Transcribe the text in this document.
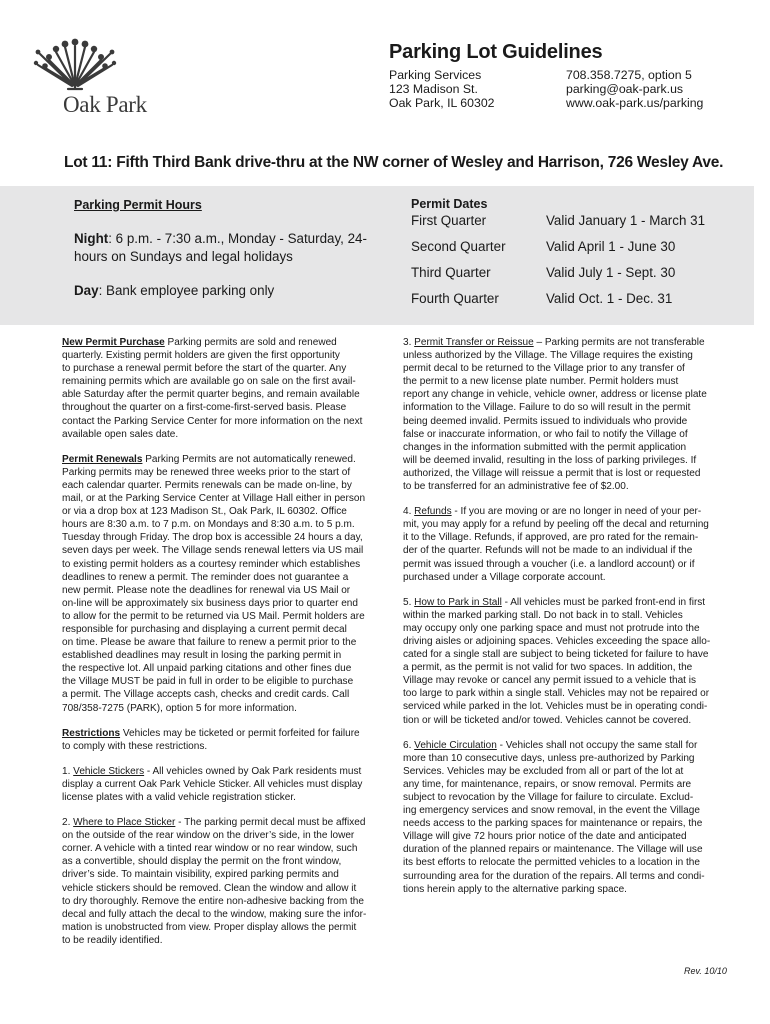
Oak Park
Parking Lot Guidelines
Parking Services
123 Madison St.
Oak Park, IL 60302
708.358.7275, option 5
parking@oak-park.us
www.oak-park.us/parking
Lot 11: Fifth Third Bank drive-thru at the NW corner of Wesley and Harrison, 726 Wesley Ave.
Parking Permit Hours
Night: 6 p.m. - 7:30 a.m., Monday - Saturday, 24-hours on Sundays and legal holidays
Day: Bank employee parking only
Permit Dates
First Quarter	Valid January 1 - March 31
Second Quarter	Valid April 1 - June 30
Third Quarter	Valid July 1 - Sept. 30
Fourth Quarter	Valid Oct. 1 - Dec. 31
New Permit Purchase Parking permits are sold and renewed
quarterly. Existing permit holders are given the first opportunity
to purchase a renewal permit before the start of the quarter. Any
remaining permits which are available go on sale on the first avail-
able Saturday after the permit quarter begins, and remain available
throughout the quarter on a first-come-first-served basis. Please
contact the Parking Service Center for more information on the next
available open sales date.
Permit Renewals Parking Permits are not automatically renewed.
Parking permits may be renewed three weeks prior to the start of
each calendar quarter. Permits renewals can be made on-line, by
mail, or at the Parking Service Center at Village Hall either in person
or via a drop box at 123 Madison St., Oak Park, IL 60302. Office
hours are 8:30 a.m. to 7 p.m. on Mondays and 8:30 a.m. to 5 p.m.
Tuesday through Friday. The drop box is accessible 24 hours a day,
seven days per week. The Village sends renewal letters via US mail
to existing permit holders as a courtesy reminder which establishes
deadlines to renew a permit. The reminder does not guarantee a
new permit. Please note the deadlines for renewal via US Mail or
on-line will be approximately six business days prior to quarter end
to allow for the permit to be returned via US Mail. Permit holders are
responsible for purchasing and displaying a current permit decal
on time. Please be aware that failure to renew a permit prior to the
established deadlines may result in losing the parking permit in
the respective lot. All unpaid parking citations and other fines due
the Village MUST be paid in full in order to be eligible to purchase
a permit. The Village accepts cash, checks and credit cards. Call
708/358-7275 (PARK), option 5 for more information.
Restrictions Vehicles may be ticketed or permit forfeited for failure
to comply with these restrictions.
1. Vehicle Stickers - All vehicles owned by Oak Park residents must
display a current Oak Park Vehicle Sticker. All vehicles must display
license plates with a valid vehicle registration sticker.
2. Where to Place Sticker - The parking permit decal must be affixed
on the outside of the rear window on the driver’s side, in the lower
corner. A vehicle with a tinted rear window or no rear window, such
as a convertible, should display the permit on the front window,
driver’s side. To maintain visibility, expired parking permits and
vehicle stickers should be removed. Clean the window and allow it
to dry thoroughly. Remove the entire non-adhesive backing from the
decal and fully attach the decal to the window, making sure the infor-
mation is unobstructed from view. Proper display allows the permit
to be readily identified.
3. Permit Transfer or Reissue – Parking permits are not transferable
unless authorized by the Village. The Village requires the existing
permit decal to be returned to the Village prior to any transfer of
the permit to a new license plate number. Permit holders must
report any change in vehicle, vehicle owner, address or license plate
information to the Village. Failure to do so will result in the permit
being deemed invalid. Permits issued to individuals who provide
false or inaccurate information, or who fail to notify the Village of
changes in the information submitted with the permit application
will be deemed invalid, resulting in the loss of parking privileges. If
authorized, the Village will reissue a permit that is lost or requested
to be transferred for an administrative fee of $2.00.
4. Refunds - If you are moving or are no longer in need of your per-
mit, you may apply for a refund by peeling off the decal and returning
it to the Village. Refunds, if approved, are pro rated for the remain-
der of the quarter. Refunds will not be made to an individual if the
permit was issued through a voucher (i.e. a landlord account) or if
purchased under a Village corporate account.
5. How to Park in Stall - All vehicles must be parked front-end in first
within the marked parking stall. Do not back in to stall. Vehicles
may occupy only one parking space and must not protrude into the
driving aisles or adjoining spaces. Vehicles exceeding the space allo-
cated for a single stall are subject to being ticketed for failure to have
a permit, as the permit is not valid for two spaces. In addition, the
Village may revoke or cancel any permit issued to a vehicle that is
too large to park within a single stall. Vehicles may not be repaired or
serviced while parked in the lot. Vehicles must be in operating condi-
tion or will be ticketed and/or towed. Vehicles cannot be covered.
6. Vehicle Circulation - Vehicles shall not occupy the same stall for
more than 10 consecutive days, unless pre-authorized by Parking
Services. Vehicles may be excluded from all or part of the lot at
any time, for maintenance, repairs, or snow removal. Permits are
subject to revocation by the Village for failure to circulate. Exclud-
ing emergency services and snow removal, in the event the Village
needs access to the parking spaces for maintenance or repairs, the
Village will give 72 hours prior notice of the date and anticipated
duration of the planned repairs or maintenance. The Village will use
its best efforts to relocate the permitted vehicles to a location in the
surrounding area for the duration of the repairs. All terms and condi-
tions herein apply to the alternative parking space.
Rev. 10/10
